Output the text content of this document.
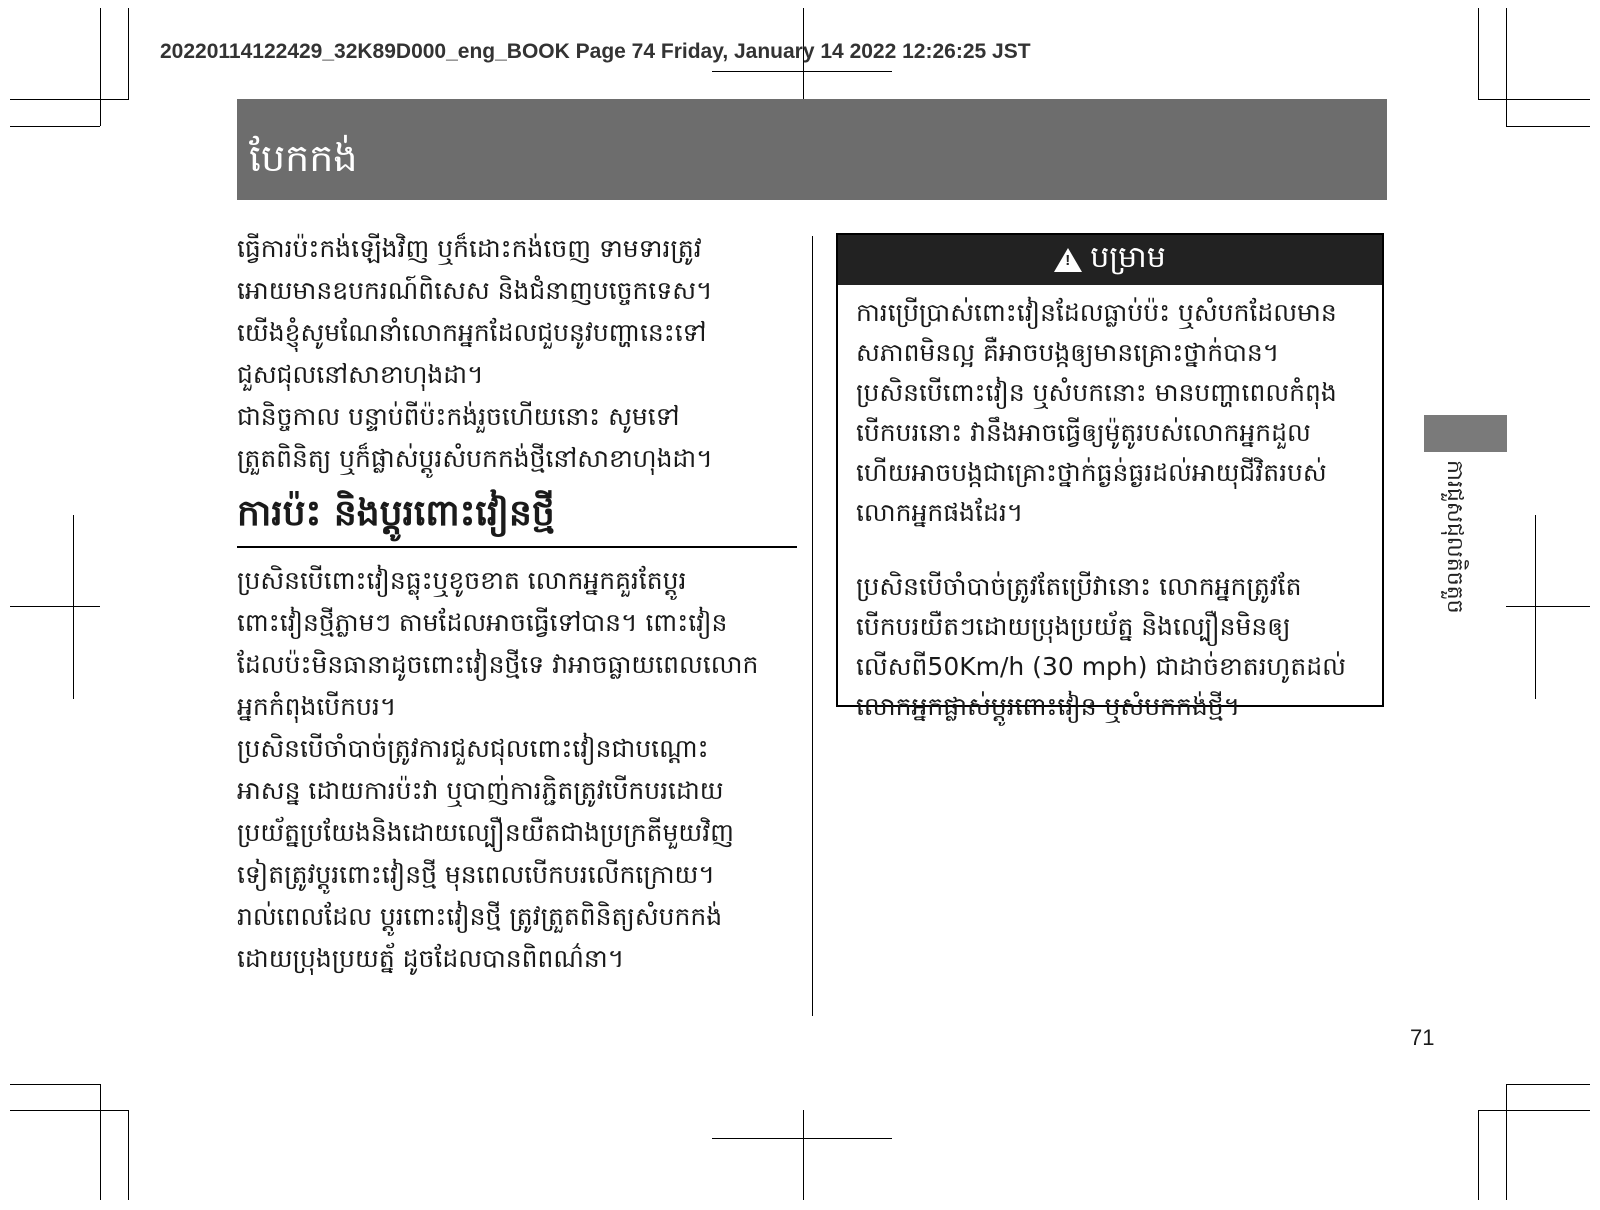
20220114122429_32K89D000_eng_BOOK Page 74 Friday, January 14 2022 12:26:25 JST
បែកកង់

ធ្វើការប៉ះកង់ឡើងវិញ ឬក៏ដោះកង់ចេញ ទាមទារត្រូវ

អោយមានឧបករណ៍ពិសេស និងជំនាញបច្ចេកទេស។

យើងខ្ញុំសូមណែនាំលោកអ្នកដែលជួបនូវបញ្ហានេះទៅ

ជួសជុលនៅសាខាហុងដា។

ជានិច្ចកាល បន្ទាប់ពីប៉ះកង់រួចហើយនោះ សូមទៅ

ត្រួតពិនិត្យ ឬក៏ផ្លាស់ប្ដូរសំបកកង់ថ្មីនៅសាខាហុងដា។

ការប៉ះ និងប្ដូរពោះវៀនថ្មី

ប្រសិនបើពោះវៀនធ្លុះឬខូចខាត លោកអ្នកគួរតែប្ដូរ

ពោះវៀនថ្មីភ្លាមៗ តាមដែលអាចធ្វើទៅបាន។ ពោះវៀន

ដែលប៉ះមិនធានាដូចពោះវៀនថ្មីទេ វាអាចធ្លាយពេលលោក

អ្នកកំពុងបើកបរ។

ប្រសិនបើចាំបាច់ត្រូវការជួសជុលពោះវៀនជាបណ្ដោះ

អាសន្ន ដោយការប៉ះវា ឬបាញ់ការភ្ជិតត្រូវបើកបរដោយ

ប្រយ័ត្នប្រយែងនិងដោយល្បឿនយឺតជាងប្រក្រតីមួយវិញ

ទៀតត្រូវប្ដូរពោះវៀនថ្មី មុនពេលបើកបរលើកក្រោយ។

រាល់ពេលដែល ប្ដូរពោះវៀនថ្មី ត្រូវត្រួតពិនិត្យសំបកកង់

ដោយប្រុងប្រយត្ន័ ដូចដែលបានពិពណ៌នា។

! បម្រាម

ការប្រើប្រាស់ពោះវៀនដែលធ្លាប់ប៉ះ ឬសំបកដែលមាន

សភាពមិនល្អ គឺអាចបង្កឲ្យមានគ្រោះថ្នាក់បាន។

ប្រសិនបើពោះវៀន ឬសំបកនោះ មានបញ្ហាពេលកំពុង

បើកបរនោះ វានឹងអាចធ្វើឲ្យម៉ូតូរបស់លោកអ្នកដួល

ហើយអាចបង្កជាគ្រោះថ្នាក់ធ្ងន់ធ្ងរដល់អាយុជីវិតរបស់

លោកអ្នកផងដែរ។

ប្រសិនបើចាំបាច់ត្រូវតែប្រើវានោះ លោកអ្នកត្រូវតែ

បើកបរយឺតៗដោយប្រុងប្រយ័ត្ន និងល្បឿនមិនឲ្យ

លើសពី50Km/h (30 mph) ជាដាច់ខាតរហូតដល់

លោកអ្នកផ្លាស់ប្ដូរពោះវៀន ឬសំបកកង់ថ្មី។

ការជួសជុលតិចតួច
71
